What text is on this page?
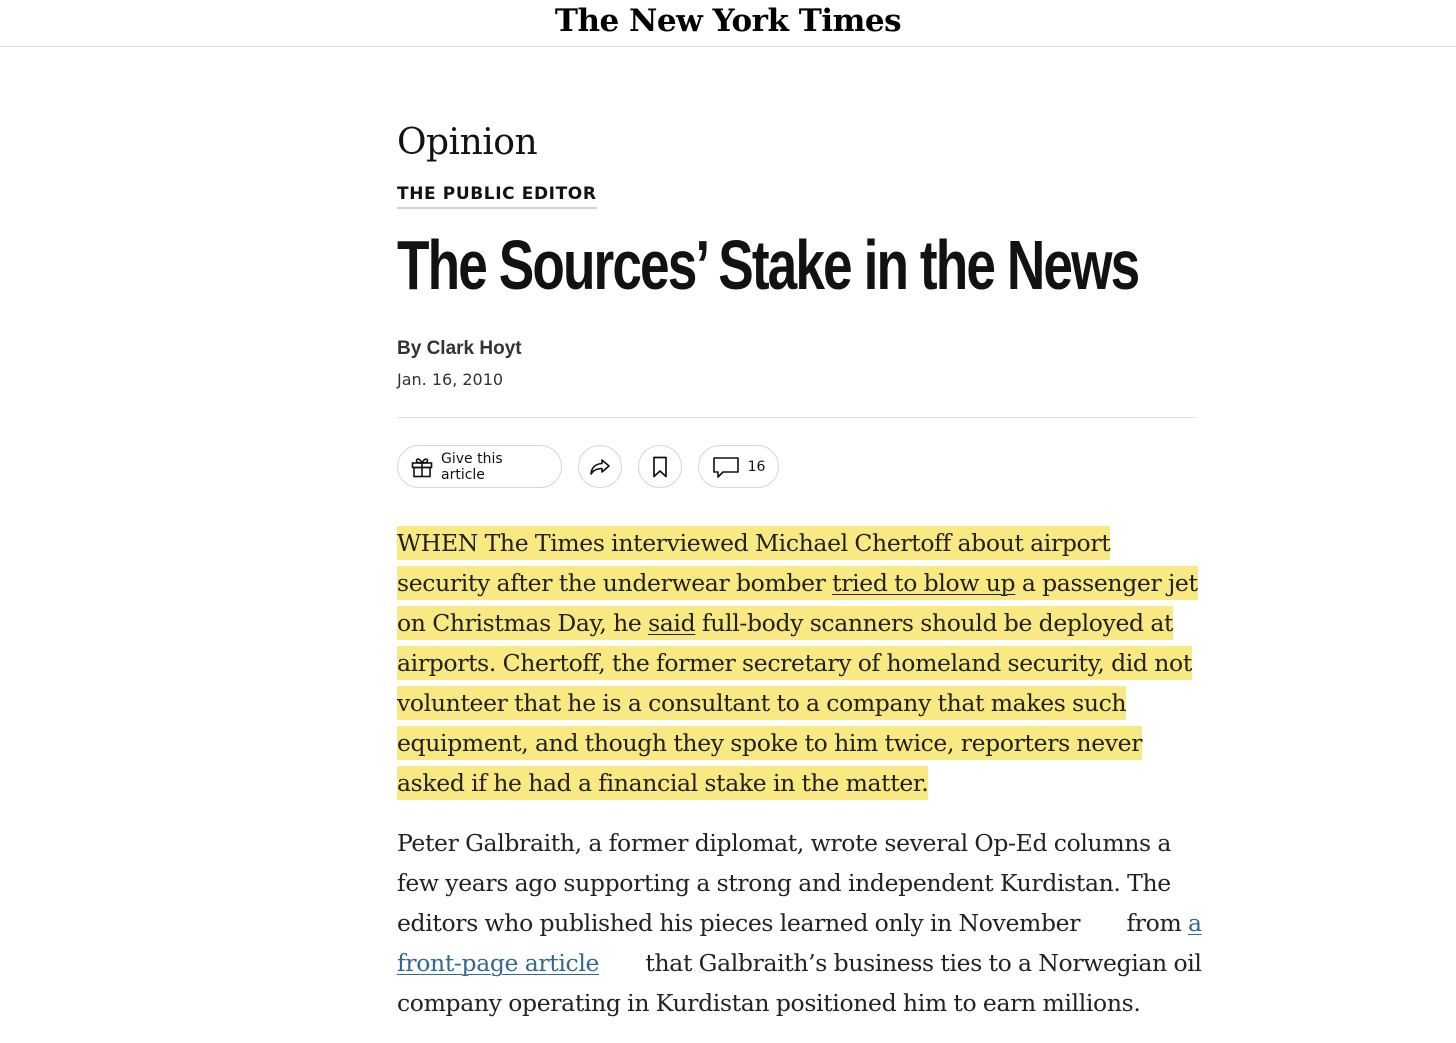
The New York Times
Opinion
THE PUBLIC EDITOR
The Sources’ Stake in the News
By Clark Hoyt
Jan. 16, 2010
Give this article	16

WHEN The Times interviewed Michael Chertoff about airport security after the underwear bomber tried to blow up a passenger jet on Christmas Day, he said full-body scanners should be deployed at airports. Chertoff, the former secretary of homeland security, did not volunteer that he is a consultant to a company that makes such equipment, and though they spoke to him twice, reporters never asked if he had a financial stake in the matter.

Peter Galbraith, a former diplomat, wrote several Op-Ed columns a few years ago supporting a strong and independent Kurdistan. The editors who published his pieces learned only in November       from a front-page article       that Galbraith’s business ties to a Norwegian oil company operating in Kurdistan positioned him to earn millions.
